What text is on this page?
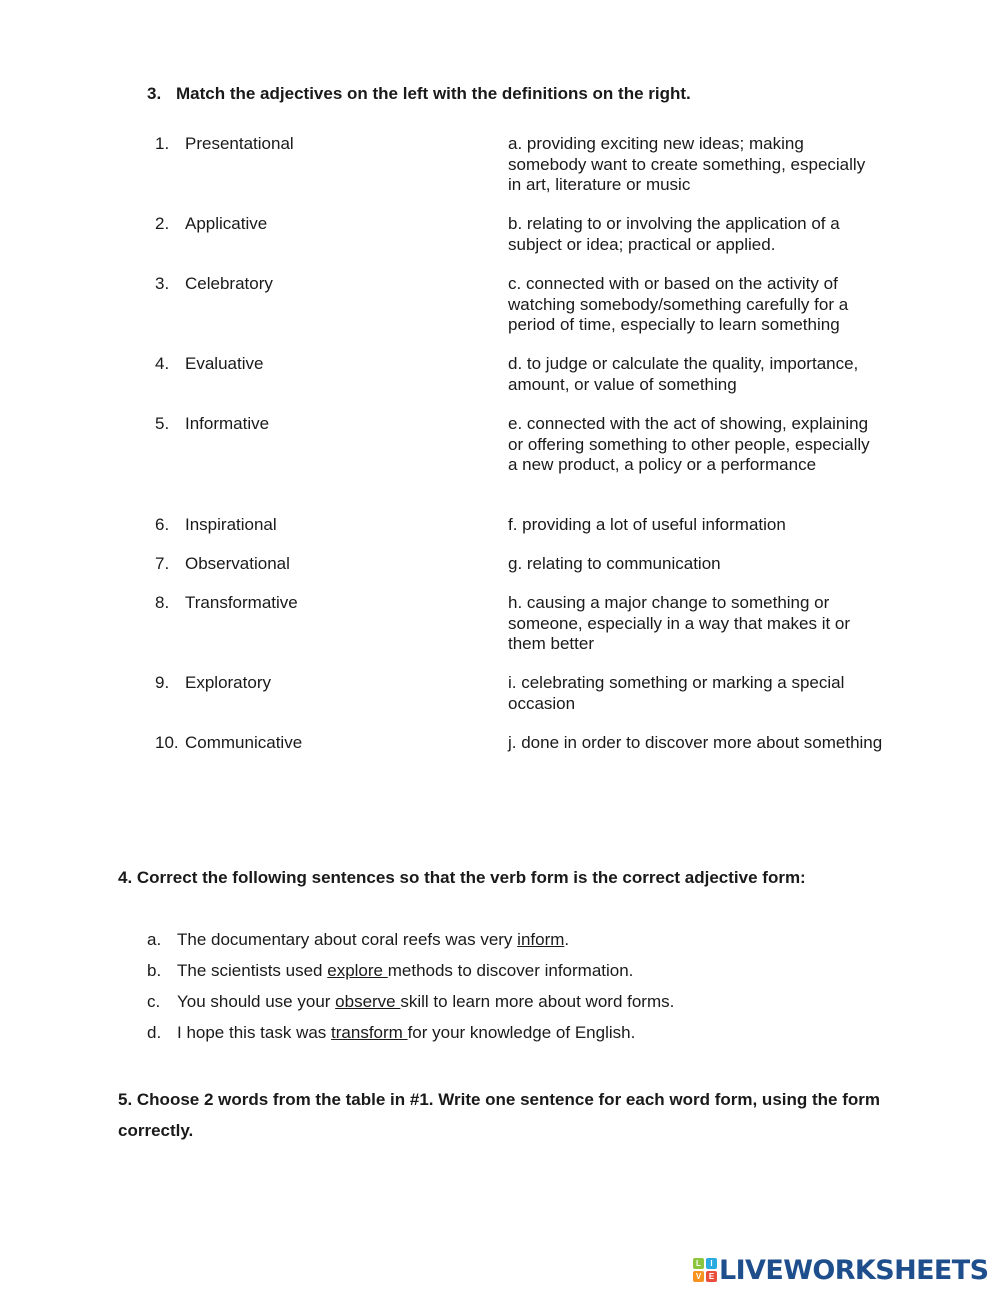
3. Match the adjectives on the left with the definitions on the right.
1. Presentational	a. providing exciting new ideas; making somebody want to create something, especially in art, literature or music
2. Applicative	b. relating to or involving the application of a subject or idea; practical or applied.
3. Celebratory	c. connected with or based on the activity of watching somebody/something carefully for a period of time, especially to learn something
4. Evaluative	d. to judge or calculate the quality, importance, amount, or value of something
5. Informative	e. connected with the act of showing, explaining or offering something to other people, especially a new product, a policy or a performance
6. Inspirational	f. providing a lot of useful information
7. Observational	g. relating to communication
8. Transformative	h. causing a major change to something or someone, especially in a way that makes it or them better
9. Exploratory	i. celebrating something or marking a special occasion
10. Communicative	j. done in order to discover more about something
4. Correct the following sentences so that the verb form is the correct adjective form:
a. The documentary about coral reefs was very inform.
b. The scientists used explore methods to discover information.
c. You should use your observe skill to learn more about word forms.
d. I hope this task was transform for your knowledge of English.
5. Choose 2 words from the table in #1. Write one sentence for each word form, using the form correctly.
L	I
V E LIVEWORKSHEETS
